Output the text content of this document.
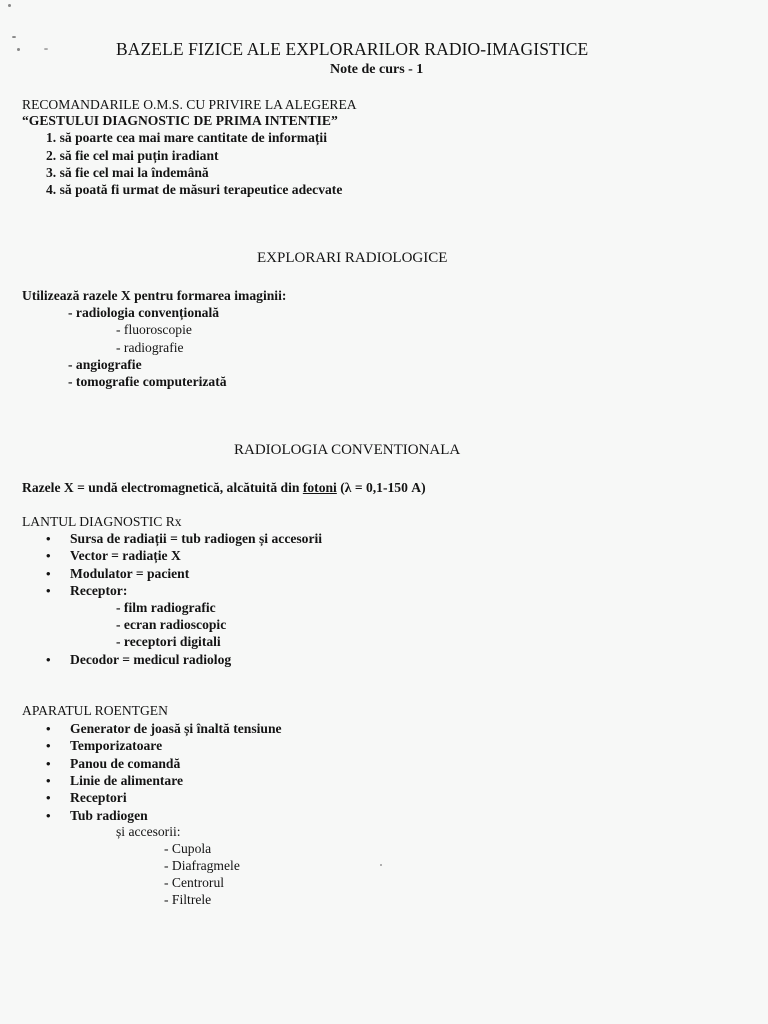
BAZELE FIZICE ALE EXPLORARILOR RADIO-IMAGISTICE
Note de curs - 1
RECOMANDARILE O.M.S. CU PRIVIRE LA ALEGEREA
“GESTULUI DIAGNOSTIC DE PRIMA INTENTIE”
1. să poarte cea mai mare cantitate de informații
2. să fie cel mai puțin iradiant
3. să fie cel mai la îndemână
4. să poată fi urmat de măsuri terapeutice adecvate
EXPLORARI RADIOLOGICE
Utilizează razele X pentru formarea imaginii:
- radiologia convențională
- fluoroscopie
- radiografie
- angiografie
- tomografie computerizată
RADIOLOGIA CONVENTIONALA
Razele X = undă electromagnetică, alcătuită din fotoni (λ = 0,1-150 A)
LANTUL DIAGNOSTIC Rx
• Sursa de radiații = tub radiogen și accesorii
• Vector = radiație X
• Modulator = pacient
• Receptor:
- film radiografic
- ecran radioscopic
- receptori digitali
• Decodor = medicul radiolog
APARATUL ROENTGEN
• Generator de joasă și înaltă tensiune
• Temporizatoare
• Panou de comandă
• Linie de alimentare
• Receptori
• Tub radiogen
și accesorii:
- Cupola
- Diafragmele
- Centrorul
- Filtrele
